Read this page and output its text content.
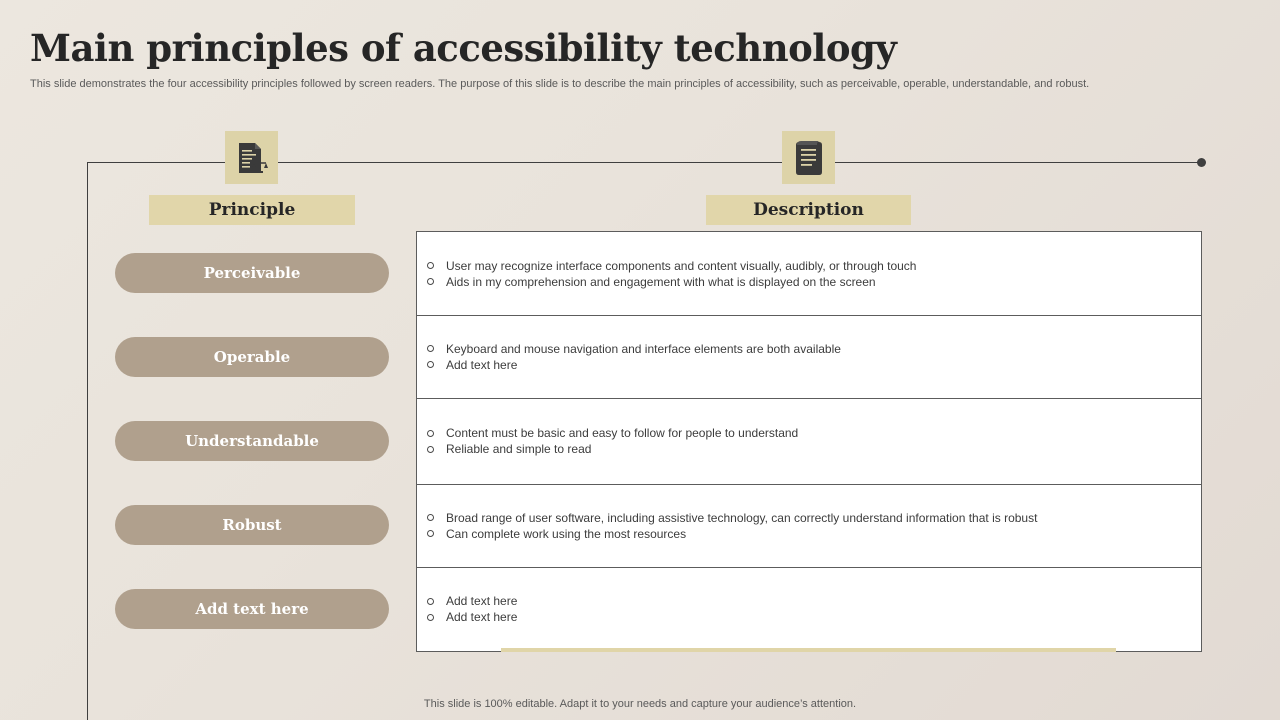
Main principles of accessibility technology

This slide demonstrates the four accessibility principles followed by screen readers. The purpose of this slide is to describe the main principles of accessibility, such as perceivable, operable, understandable, and robust.

Principle	Description
Perceivable
Operable
Understandable
Robust
Add text here
User may recognize interface components and content visually, audibly, or through touch
Aids in my comprehension and engagement with what is displayed on the screen
Keyboard and mouse navigation and interface elements are both available
Add text here
Content must be basic and easy to follow for people to understand
Reliable and simple to read
Broad range of user software, including assistive technology, can correctly understand information that is robust
Can complete work using the most resources
Add text here
Add text here
This slide is 100% editable. Adapt it to your needs and capture your audience’s attention.
